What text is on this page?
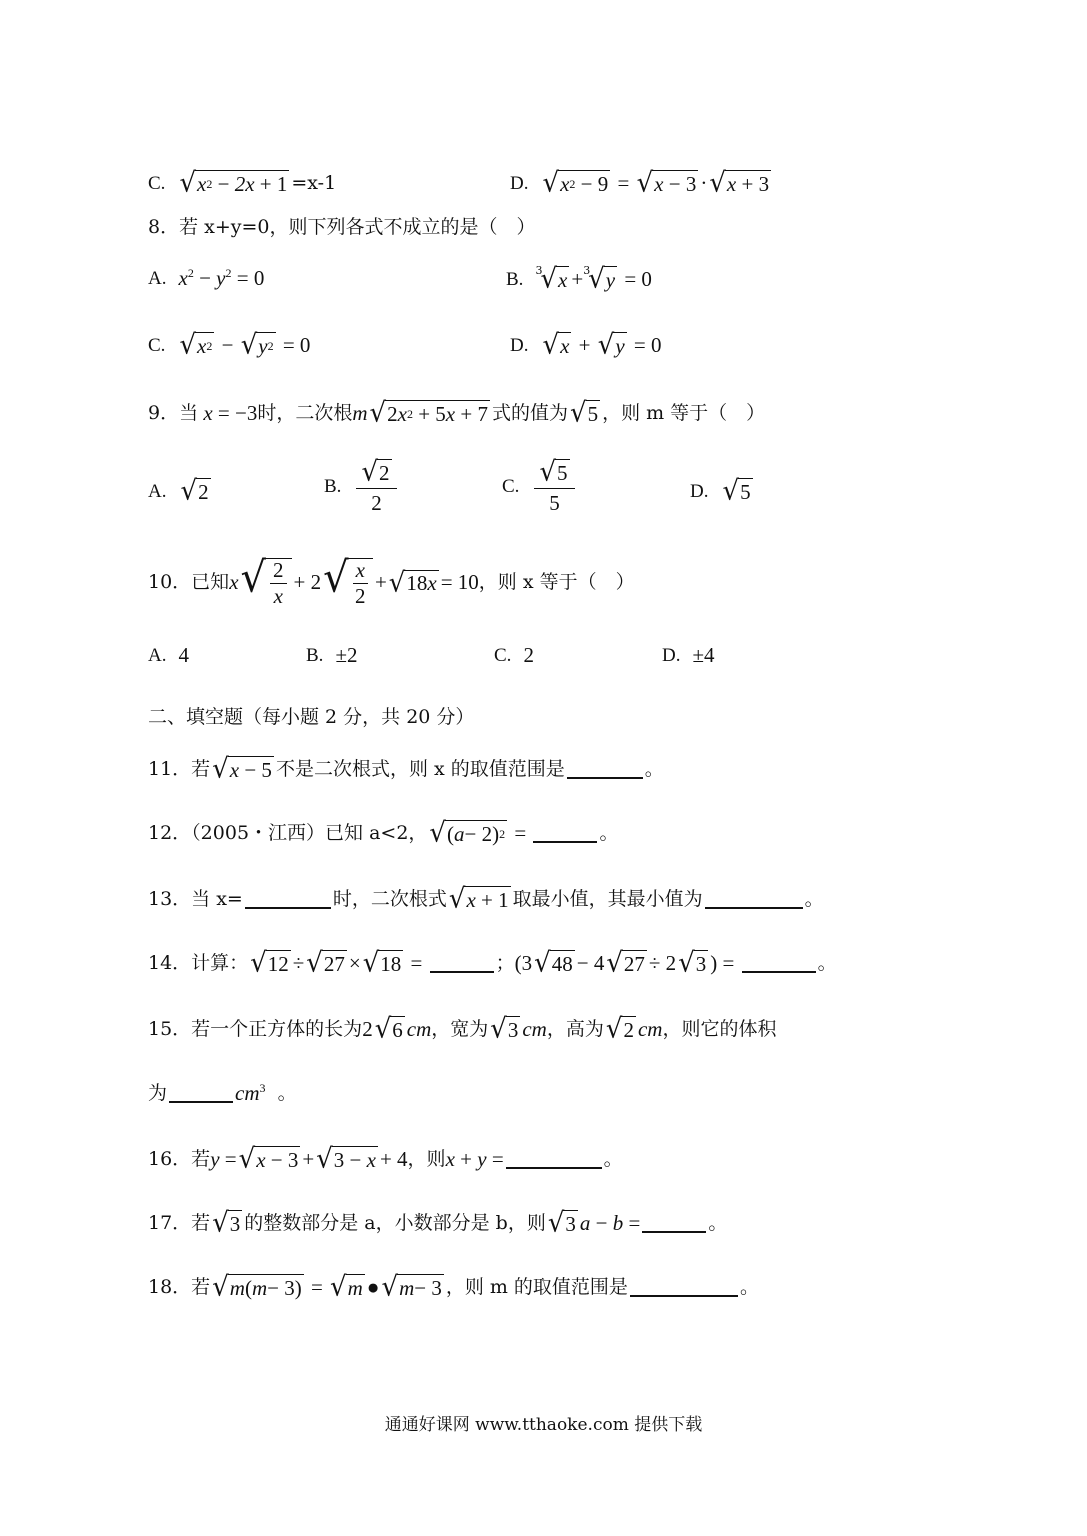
C. √ x 2
− 2x +
1 =x-1	D. √ x 2
−
9 = √ x −
3 · √ x +
3
8．若 x+y=0，则下列各式不成立的是（　）
A. $x^2 - y^2 = 0$	B. 3
√ x + 3
√ y = 0
C. √ x 2 − √ y 2 = 0	D. √ x + √ y = 0
9．当 x = −3 时，二次根 m √ 2 x 2
+ 5 x + 7 式的值为 √ 5 ，则 m 等于（　）
A. √ 2	B. $\frac{√ 2}{2}$	C. $\frac{√ 5}{5}$	D. √ 5
10．已知 x √ $\frac{2}{x} + 2$ √ $\frac{x}{2}$ + √ 18 x = 10 ，则 x 等于（　）
A. 4	B. ±2	C. 2	D. ±4
二、填空题（每小题 2 分，共 20 分）
11．若 √ x − 5 不是二次根式，则 x 的取值范围是	。
12．（2005・江西）已知 a<2， √ ( a − 2) 2 =	。
13．当 x=	时，二次根式 √ x + 1 取最小值，其最小值为	。
14．计算： √ 12 ÷ √ 27 × √ 18 =	； (3 √ 48 − 4 √ 27 ÷ 2 √ 3 ) =	。
15．若一个正方体的长为 2 √ 6 cm ，宽为 √ 3 cm ，高为 √ 2 cm ，则它的体积
为	$cm^3$
。
16．若 y = √ x − 3 + √ 3 − x + 4 ，则 x + y =	。
17．若 √ 3 的整数部分是 a，小数部分是 b，则 √ 3 a − b =	。
18．若 √ m ( m − 3) = √ m ● √ m − 3 ，则 m 的取值范围是	。
通通好课网 www.tthaoke.com 提供下载
